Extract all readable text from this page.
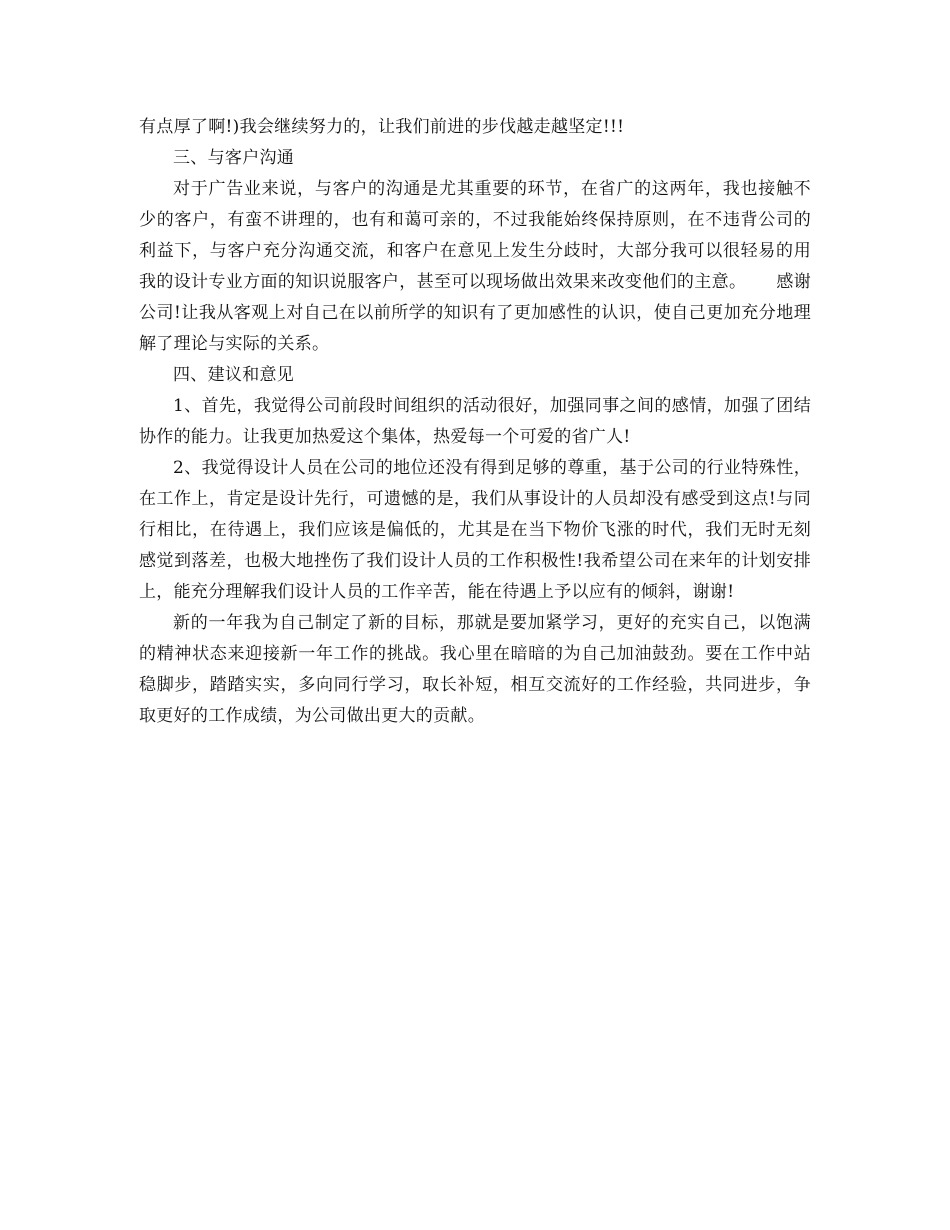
有点厚了啊!)我会继续努力的，让我们前进的步伐越走越坚定!!!

三、与客户沟通

对于广告业来说，与客户的沟通是尤其重要的环节，在省广的这两年，我也接触不少的客户，有蛮不讲理的，也有和蔼可亲的，不过我能始终保持原则，在不违背公司的利益下，与客户充分沟通交流，和客户在意见上发生分歧时，大部分我可以很轻易的用我的设计专业方面的知识说服客户，甚至可以现场做出效果来改变他们的主意。 感谢公司!让我从客观上对自己在以前所学的知识有了更加感性的认识，使自己更加充分地理解了理论与实际的关系。

四、建议和意见

1、首先，我觉得公司前段时间组织的活动很好，加强同事之间的感情，加强了团结协作的能力。让我更加热爱这个集体，热爱每一个可爱的省广人!

2、我觉得设计人员在公司的地位还没有得到足够的尊重，基于公司的行业特殊性，在工作上，肯定是设计先行，可遗憾的是，我们从事设计的人员却没有感受到这点!与同行相比，在待遇上，我们应该是偏低的，尤其是在当下物价飞涨的时代，我们无时无刻感觉到落差，也极大地挫伤了我们设计人员的工作积极性!我希望公司在来年的计划安排上，能充分理解我们设计人员的工作辛苦，能在待遇上予以应有的倾斜，谢谢!

新的一年我为自己制定了新的目标，那就是要加紧学习，更好的充实自己，以饱满的精神状态来迎接新一年工作的挑战。我心里在暗暗的为自己加油鼓劲。要在工作中站稳脚步，踏踏实实，多向同行学习，取长补短，相互交流好的工作经验，共同进步，争取更好的工作成绩，为公司做出更大的贡献。
